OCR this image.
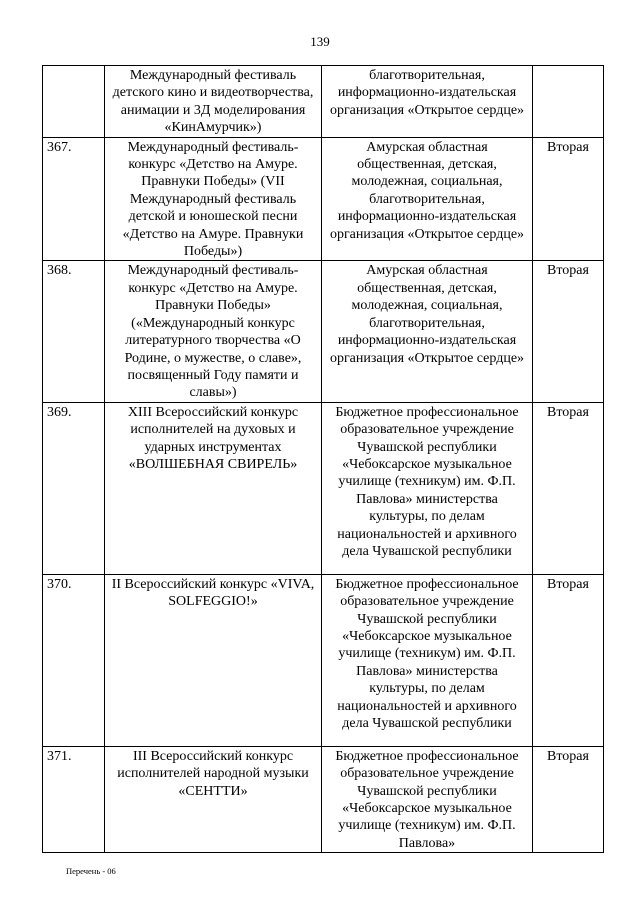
139
	Международный фестиваль детского кино и видеотворчества, анимации и 3Д моделирования «КинАмурчик»)	благотворительная, информационно-издательская организация «Открытое сердце»	
367.	Международный фестиваль-конкурс «Детство на Амуре. Правнуки Победы» (VII Международный фестиваль детской и юношеской песни «Детство на Амуре. Правнуки Победы»)	Амурская областная общественная, детская, молодежная, социальная, благотворительная, информационно-издательская организация «Открытое сердце»	Вторая
368.	Международный фестиваль-конкурс «Детство на Амуре. Правнуки Победы» («Международный конкурс литературного творчества «О Родине, о мужестве, о славе», посвященный Году памяти и славы»)	Амурская областная общественная, детская, молодежная, социальная, благотворительная, информационно-издательская организация «Открытое сердце»	Вторая
369.	XIII Всероссийский конкурс исполнителей на духовых и ударных инструментах «ВОЛШЕБНАЯ СВИРЕЛЬ»	Бюджетное профессиональное образовательное учреждение Чувашской республики «Чебоксарское музыкальное училище (техникум) им. Ф.П. Павлова» министерства культуры, по делам национальностей и архивного дела Чувашской республики	Вторая
370.	II Всероссийский конкурс «VIVA, SOLFEGGIO!»	Бюджетное профессиональное образовательное учреждение Чувашской республики «Чебоксарское музыкальное училище (техникум) им. Ф.П. Павлова» министерства культуры, по делам национальностей и архивного дела Чувашской республики	Вторая
371.	III Всероссийский конкурс исполнителей народной музыки «СЕНТТИ»	Бюджетное профессиональное образовательное учреждение Чувашской республики «Чебоксарское музыкальное училище (техникум) им. Ф.П. Павлова»	Вторая
Перечень - 06
